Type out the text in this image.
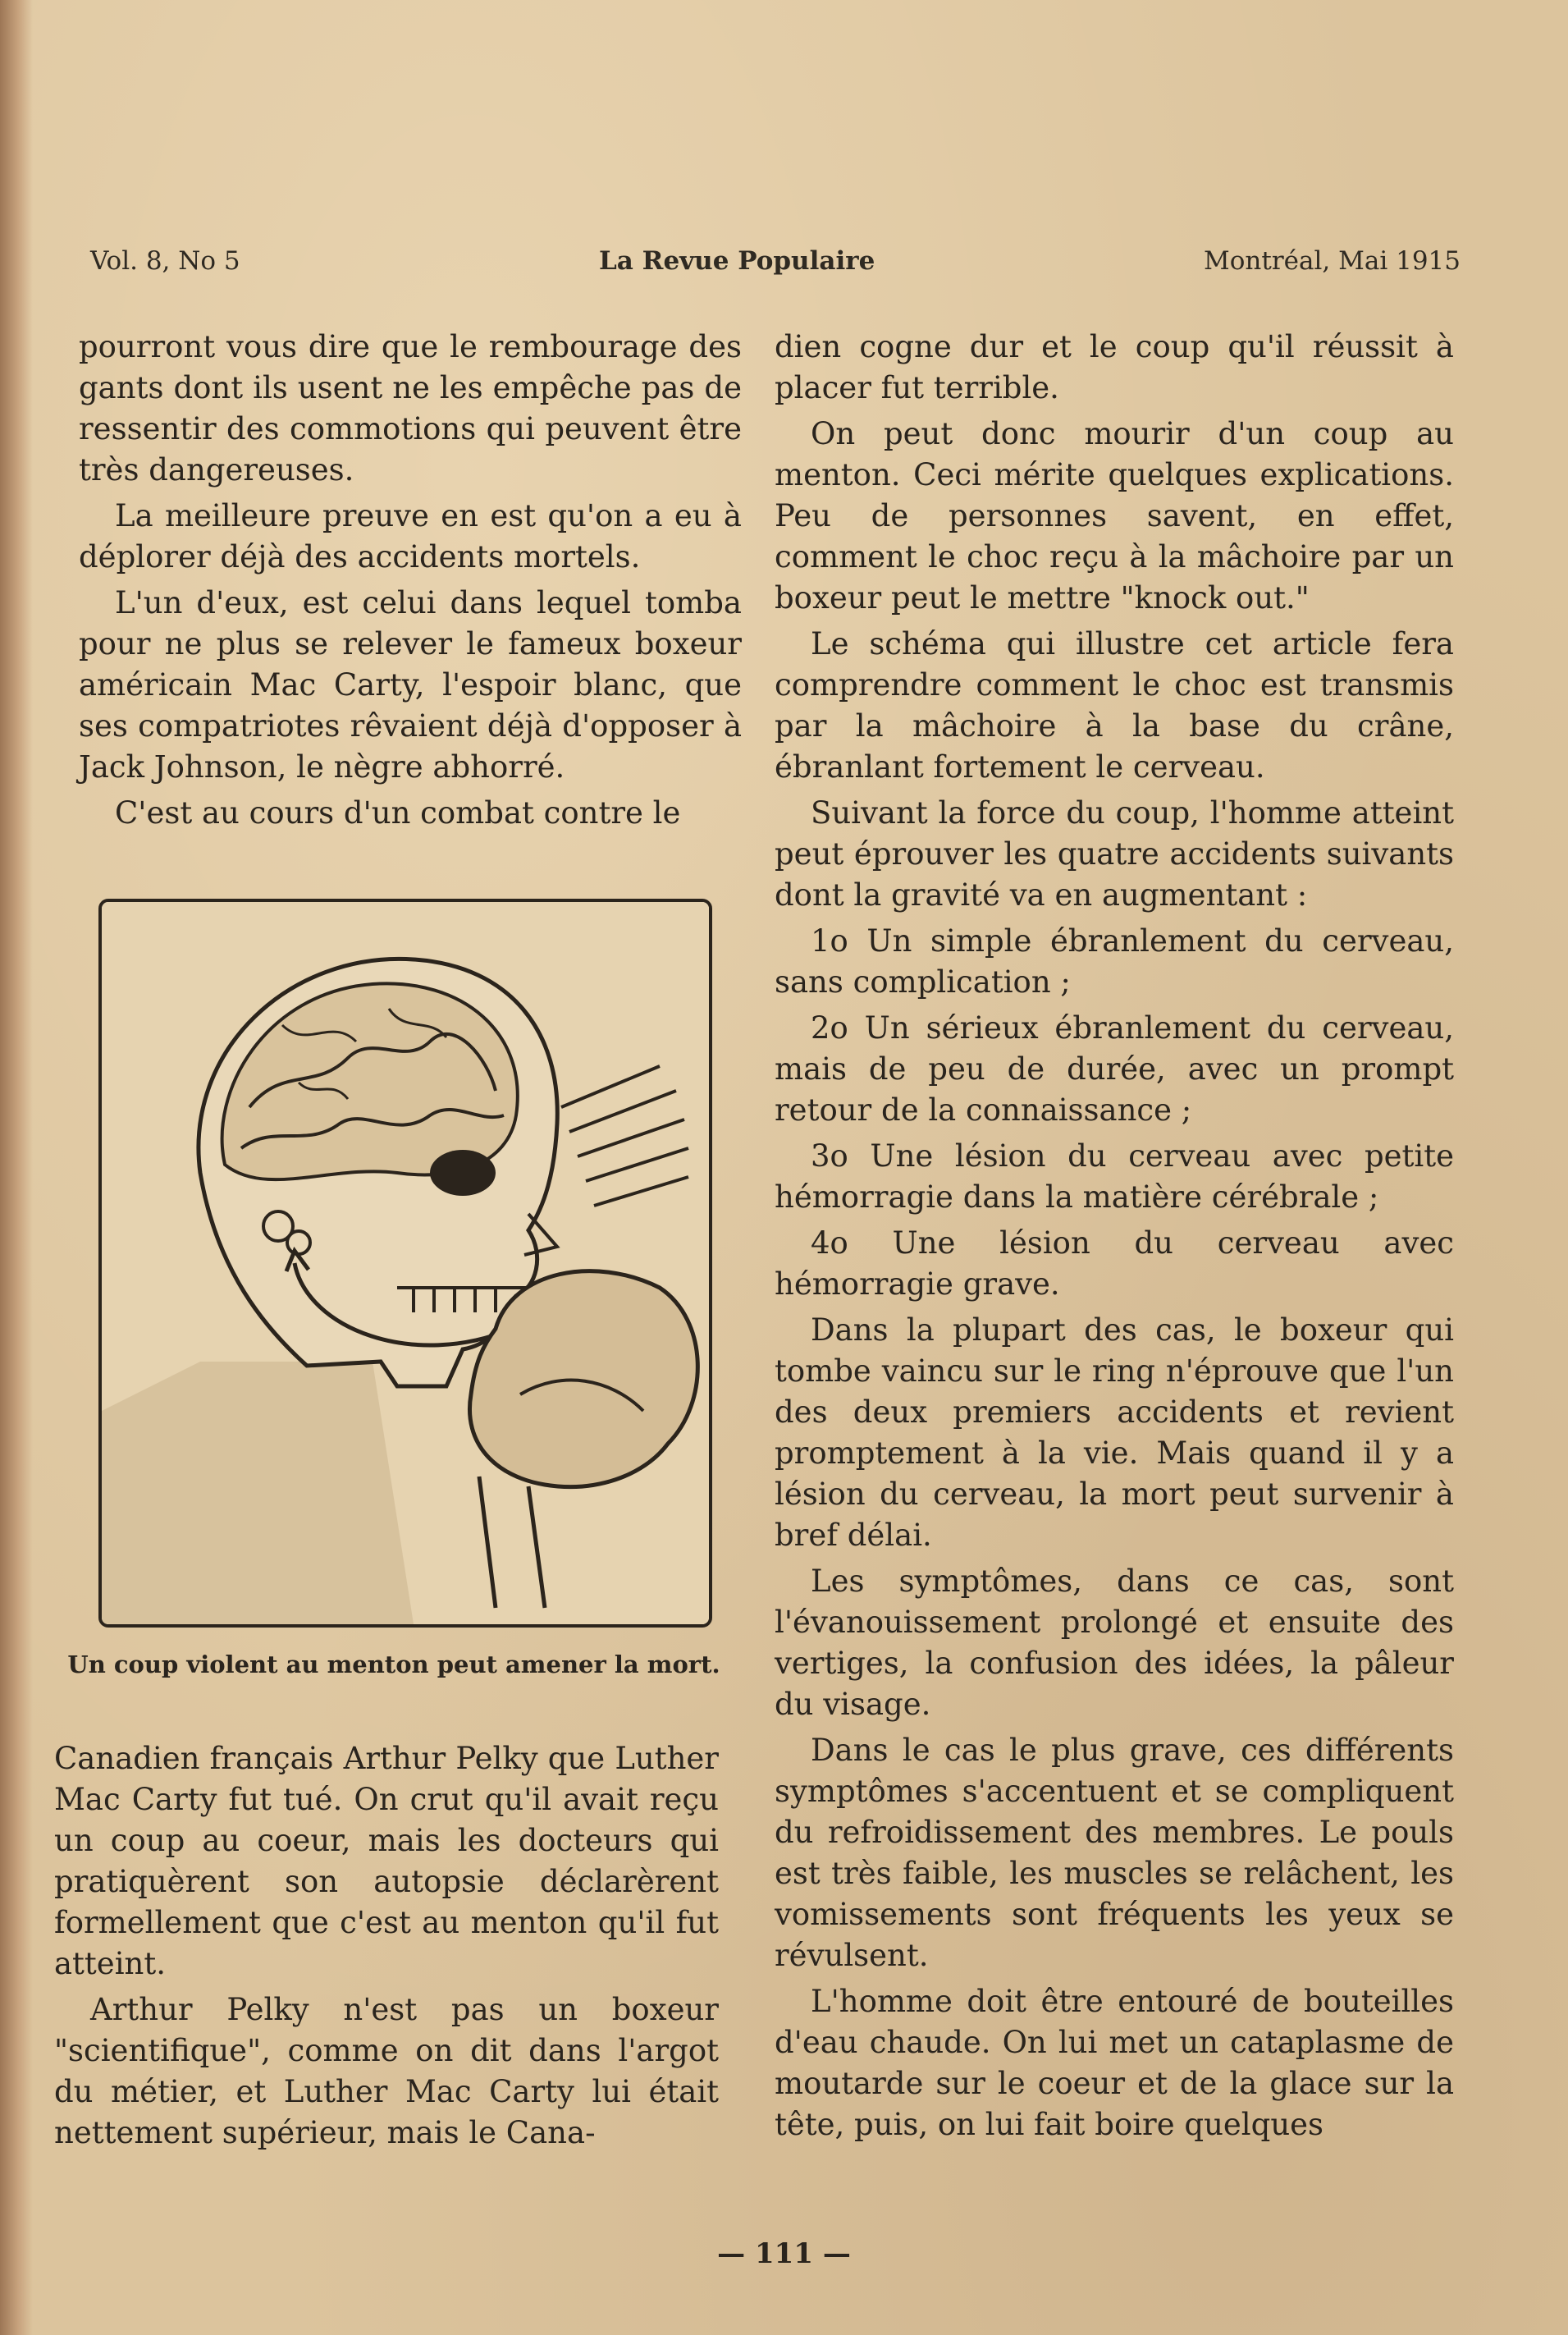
Vol. 8, No 5	La Revue Populaire	Montréal, Mai 1915

pourront vous dire que le rembourage des gants dont ils usent ne les empêche pas de ressentir des commotions qui peuvent être très dangereuses.

La meilleure preuve en est qu'on a eu à déplorer déjà des accidents mortels.

L'un d'eux, est celui dans lequel tomba pour ne plus se relever le fameux boxeur américain Mac Carty, l'espoir blanc, que ses compatriotes rêvaient déjà d'opposer à Jack Johnson, le nègre abhorré.

C'est au cours d'un combat contre le

Un coup violent au menton peut amener la mort.

Canadien français Arthur Pelky que Luther Mac Carty fut tué. On crut qu'il avait reçu un coup au coeur, mais les docteurs qui pratiquèrent son autopsie déclarèrent formellement que c'est au menton qu'il fut atteint.

Arthur Pelky n'est pas un boxeur "scientifique", comme on dit dans l'argot du métier, et Luther Mac Carty lui était nettement supérieur, mais le Cana-

dien cogne dur et le coup qu'il réussit à placer fut terrible.

On peut donc mourir d'un coup au menton. Ceci mérite quelques explications. Peu de personnes savent, en effet, comment le choc reçu à la mâchoire par un boxeur peut le mettre "knock out."

Le schéma qui illustre cet article fera comprendre comment le choc est transmis par la mâchoire à la base du crâne, ébranlant fortement le cerveau.

Suivant la force du coup, l'homme atteint peut éprouver les quatre accidents suivants dont la gravité va en augmentant :

1o Un simple ébranlement du cerveau, sans complication ;

2o Un sérieux ébranlement du cerveau, mais de peu de durée, avec un prompt retour de la connaissance ;

3o Une lésion du cerveau avec petite hémorragie dans la matière cérébrale ;

4o Une lésion du cerveau avec hémorragie grave.

Dans la plupart des cas, le boxeur qui tombe vaincu sur le ring n'éprouve que l'un des deux premiers accidents et revient promptement à la vie. Mais quand il y a lésion du cerveau, la mort peut survenir à bref délai.

Les symptômes, dans ce cas, sont l'évanouissement prolongé et ensuite des vertiges, la confusion des idées, la pâleur du visage.

Dans le cas le plus grave, ces différents symptômes s'accentuent et se compliquent du refroidissement des membres. Le pouls est très faible, les muscles se relâchent, les vomissements sont fréquents les yeux se révulsent.

L'homme doit être entouré de bouteilles d'eau chaude. On lui met un cataplasme de moutarde sur le coeur et de la glace sur la tête, puis, on lui fait boire quelques

— 111 —
